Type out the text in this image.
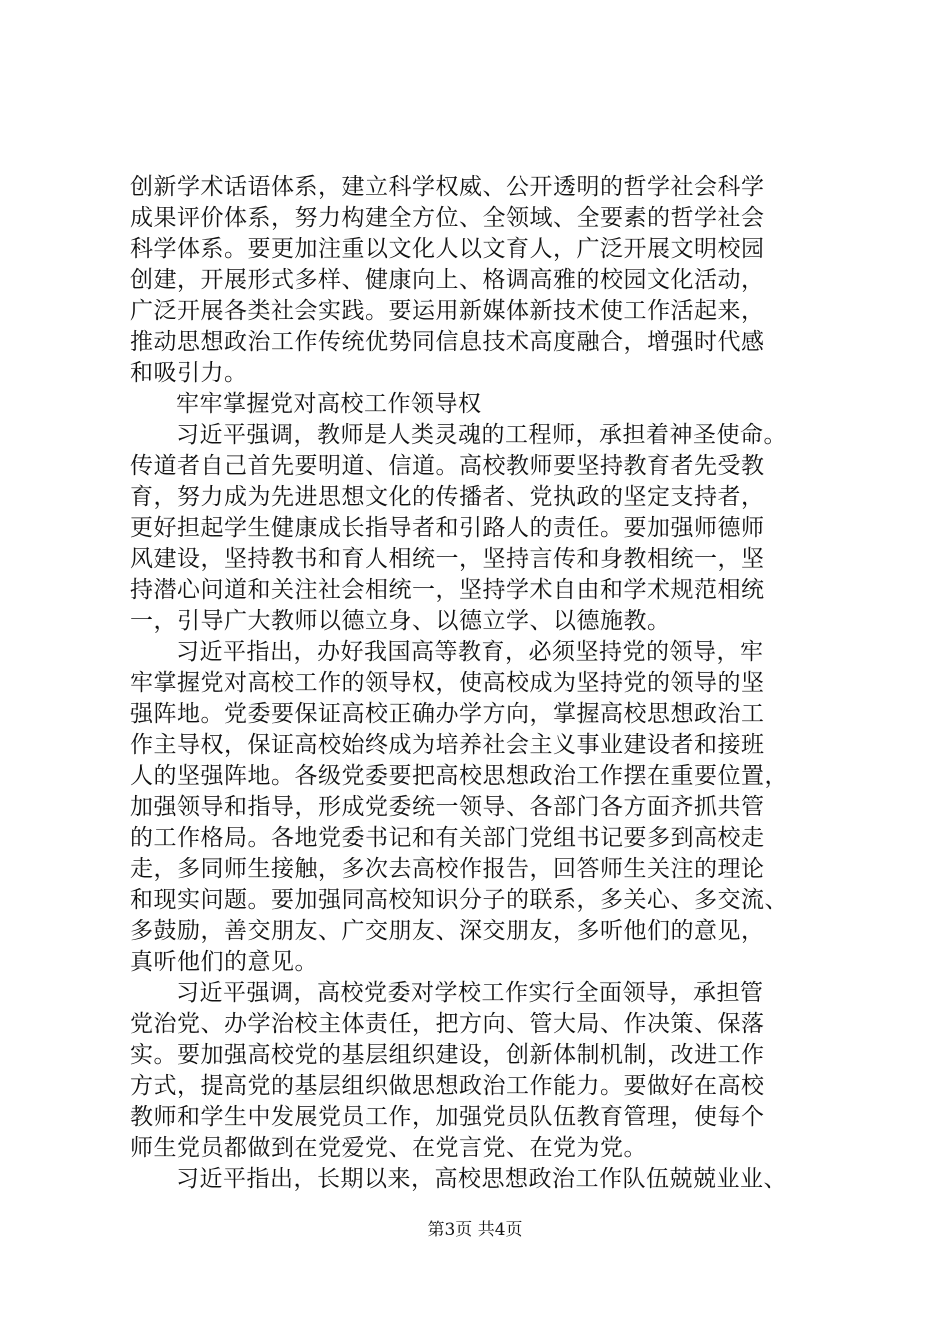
创新学术话语体系，建立科学权威、公开透明的哲学社会科学
成果评价体系，努力构建全方位、全领域、全要素的哲学社会
科学体系。要更加注重以文化人以文育人，广泛开展文明校园
创建，开展形式多样、健康向上、格调高雅的校园文化活动，
广泛开展各类社会实践。要运用新媒体新技术使工作活起来，
推动思想政治工作传统优势同信息技术高度融合，增强时代感
和吸引力。
牢牢掌握党对高校工作领导权
习近平强调，教师是人类灵魂的工程师，承担着神圣使命。
传道者自己首先要明道、信道。高校教师要坚持教育者先受教
育，努力成为先进思想文化的传播者、党执政的坚定支持者，
更好担起学生健康成长指导者和引路人的责任。要加强师德师
风建设，坚持教书和育人相统一，坚持言传和身教相统一，坚
持潜心问道和关注社会相统一，坚持学术自由和学术规范相统
一，引导广大教师以德立身、以德立学、以德施教。
习近平指出，办好我国高等教育，必须坚持党的领导，牢
牢掌握党对高校工作的领导权，使高校成为坚持党的领导的坚
强阵地。党委要保证高校正确办学方向，掌握高校思想政治工
作主导权，保证高校始终成为培养社会主义事业建设者和接班
人的坚强阵地。各级党委要把高校思想政治工作摆在重要位置，
加强领导和指导，形成党委统一领导、各部门各方面齐抓共管
的工作格局。各地党委书记和有关部门党组书记要多到高校走
走，多同师生接触，多次去高校作报告，回答师生关注的理论
和现实问题。要加强同高校知识分子的联系，多关心、多交流、
多鼓励，善交朋友、广交朋友、深交朋友，多听他们的意见，
真听他们的意见。
习近平强调，高校党委对学校工作实行全面领导，承担管
党治党、办学治校主体责任，把方向、管大局、作决策、保落
实。要加强高校党的基层组织建设，创新体制机制，改进工作
方式，提高党的基层组织做思想政治工作能力。要做好在高校
教师和学生中发展党员工作，加强党员队伍教育管理，使每个
师生党员都做到在党爱党、在党言党、在党为党。
习近平指出，长期以来，高校思想政治工作队伍兢兢业业、
第3页 共4页
